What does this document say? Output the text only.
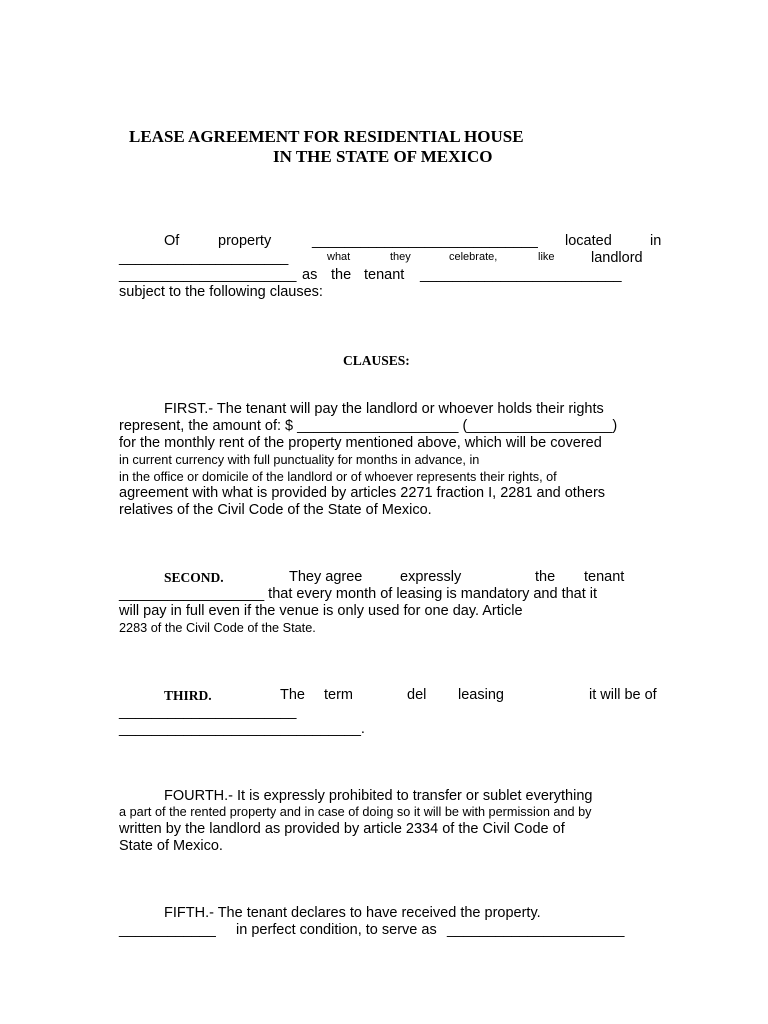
LEASE AGREEMENT FOR RESIDENTIAL HOUSE
IN THE STATE OF MEXICO
Of	property	____________________________ located	in
what	they	celebrate,	like	landlord
_____________________
______________________ as the tenant _________________________
subject to the following clauses:
CLAUSES:
FIRST.- The tenant will pay the landlord or whoever holds their rights
represent, the amount of: $ ____________________ (__________________)
for the monthly rent of the property mentioned above, which will be covered
in current currency with full punctuality for months in advance, in
in the office or domicile of the landlord or of whoever represents their rights, of
agreement with what is provided by articles 2271 fraction I, 2281 and others
relatives of the Civil Code of the State of Mexico.
SECOND.	They agree	expressly	the tenant
__________________ that every month of leasing is mandatory and that it
will pay in full even if the venue is only used for one day. Article
2283 of the Civil Code of the State.
THIRD.	The term	del leasing	it will be of
______________________
______________________________.
FOURTH.- It is expressly prohibited to transfer or sublet everything
a part of the rented property and in case of doing so it will be with permission and by
written by the landlord as provided by article 2334 of the Civil Code of
State of Mexico.
FIFTH.- The tenant declares to have received the property.
____________ in perfect condition, to serve as ______________________
